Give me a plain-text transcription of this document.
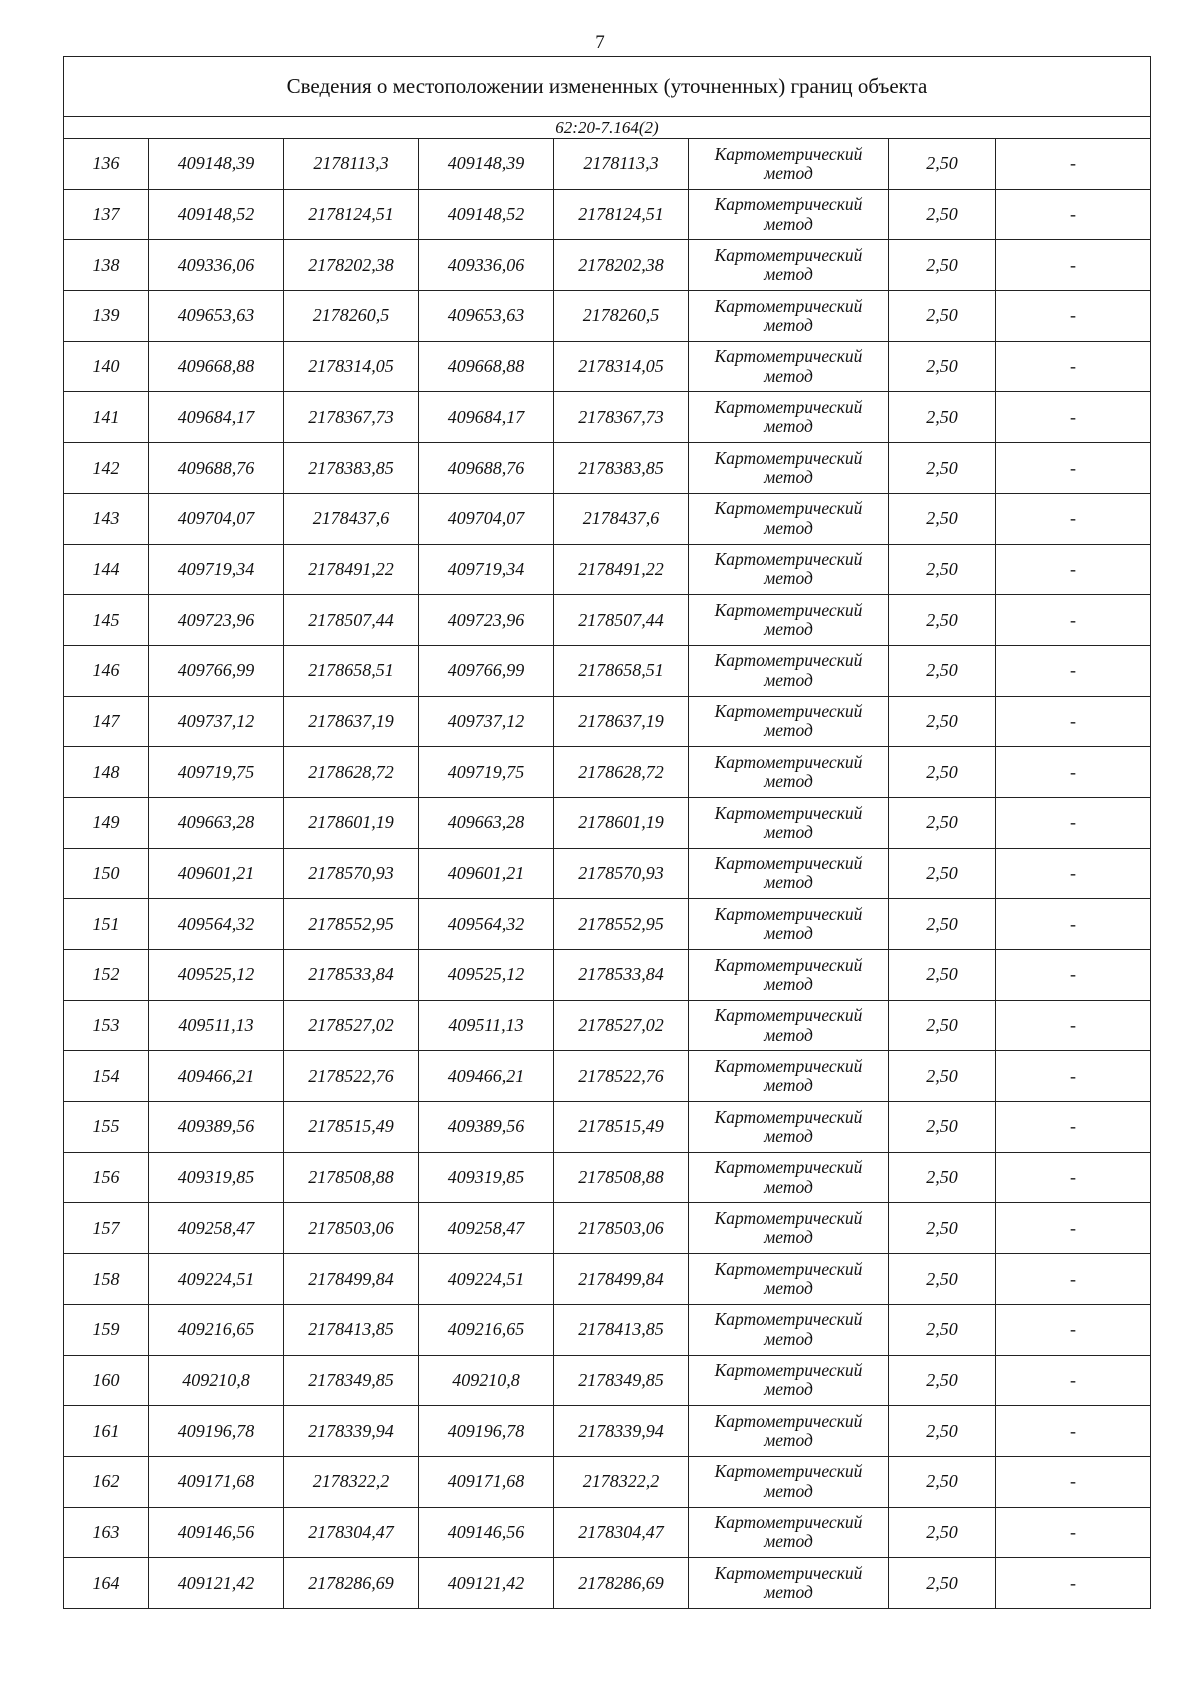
7
Сведения о местоположении измененных (уточненных) границ объекта							
62:20-7.164(2)							
136	409148,39	2178113,3	409148,39	2178113,3	Картометрический метод	2,50	-
137	409148,52	2178124,51	409148,52	2178124,51	Картометрический метод	2,50	-
138	409336,06	2178202,38	409336,06	2178202,38	Картометрический метод	2,50	-
139	409653,63	2178260,5	409653,63	2178260,5	Картометрический метод	2,50	-
140	409668,88	2178314,05	409668,88	2178314,05	Картометрический метод	2,50	-
141	409684,17	2178367,73	409684,17	2178367,73	Картометрический метод	2,50	-
142	409688,76	2178383,85	409688,76	2178383,85	Картометрический метод	2,50	-
143	409704,07	2178437,6	409704,07	2178437,6	Картометрический метод	2,50	-
144	409719,34	2178491,22	409719,34	2178491,22	Картометрический метод	2,50	-
145	409723,96	2178507,44	409723,96	2178507,44	Картометрический метод	2,50	-
146	409766,99	2178658,51	409766,99	2178658,51	Картометрический метод	2,50	-
147	409737,12	2178637,19	409737,12	2178637,19	Картометрический метод	2,50	-
148	409719,75	2178628,72	409719,75	2178628,72	Картометрический метод	2,50	-
149	409663,28	2178601,19	409663,28	2178601,19	Картометрический метод	2,50	-
150	409601,21	2178570,93	409601,21	2178570,93	Картометрический метод	2,50	-
151	409564,32	2178552,95	409564,32	2178552,95	Картометрический метод	2,50	-
152	409525,12	2178533,84	409525,12	2178533,84	Картометрический метод	2,50	-
153	409511,13	2178527,02	409511,13	2178527,02	Картометрический метод	2,50	-
154	409466,21	2178522,76	409466,21	2178522,76	Картометрический метод	2,50	-
155	409389,56	2178515,49	409389,56	2178515,49	Картометрический метод	2,50	-
156	409319,85	2178508,88	409319,85	2178508,88	Картометрический метод	2,50	-
157	409258,47	2178503,06	409258,47	2178503,06	Картометрический метод	2,50	-
158	409224,51	2178499,84	409224,51	2178499,84	Картометрический метод	2,50	-
159	409216,65	2178413,85	409216,65	2178413,85	Картометрический метод	2,50	-
160	409210,8	2178349,85	409210,8	2178349,85	Картометрический метод	2,50	-
161	409196,78	2178339,94	409196,78	2178339,94	Картометрический метод	2,50	-
162	409171,68	2178322,2	409171,68	2178322,2	Картометрический метод	2,50	-
163	409146,56	2178304,47	409146,56	2178304,47	Картометрический метод	2,50	-
164	409121,42	2178286,69	409121,42	2178286,69	Картометрический метод	2,50	-
